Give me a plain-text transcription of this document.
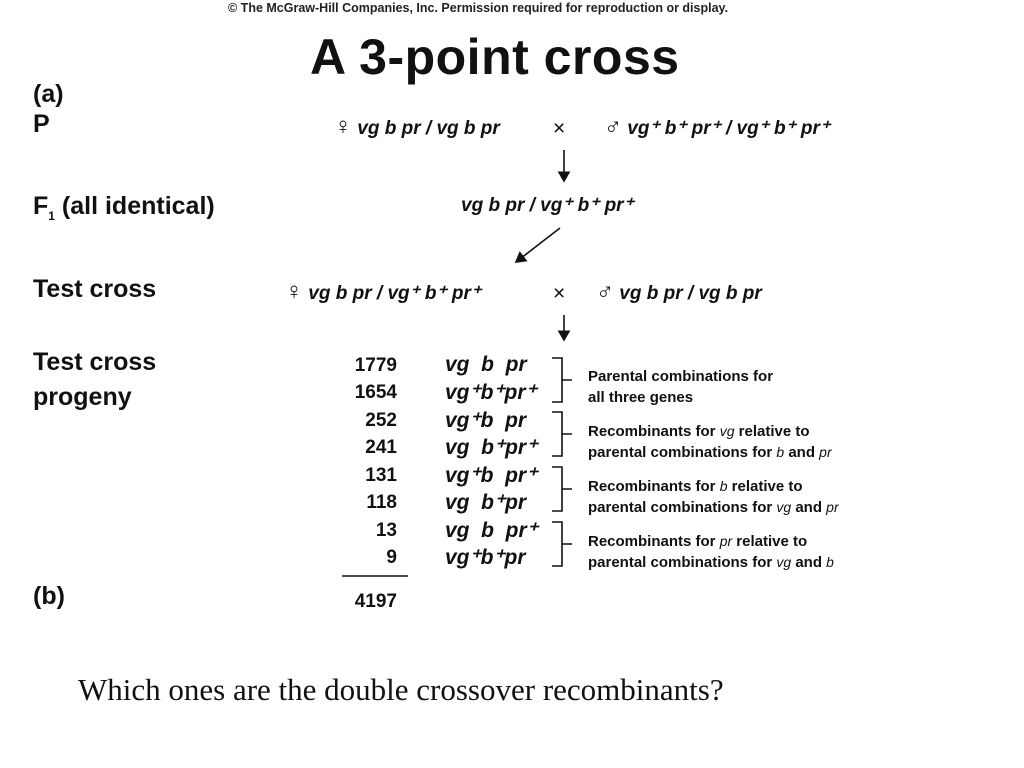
© The McGraw-Hill Companies, Inc. Permission required for reproduction or display.
A 3-point cross
(a)
P
$F_1$ (all identical)
Test cross
Test cross
progeny
(b)
♀ vg b pr / vg b pr	× ♂ vg⁺ b⁺ pr⁺ / vg⁺ b⁺ pr⁺
vg b pr / vg⁺ b⁺ pr⁺
♀ vg b pr / vg⁺ b⁺ pr⁺	× ♂ vg b pr / vg b pr
1779
1654
252
241
131
118
13
9
4197
vg  b  pr
vg⁺b⁺pr⁺
vg⁺b  pr
vg  b⁺pr⁺
vg⁺b  pr⁺
vg  b⁺pr
vg  b  pr⁺
vg⁺b⁺pr
Parental combinations for
all three genes
Recombinants for vg relative to
parental combinations for b and pr
Recombinants for b relative to
parental combinations for vg and pr
Recombinants for pr relative to
parental combinations for vg and b
Which ones are the double crossover recombinants?
